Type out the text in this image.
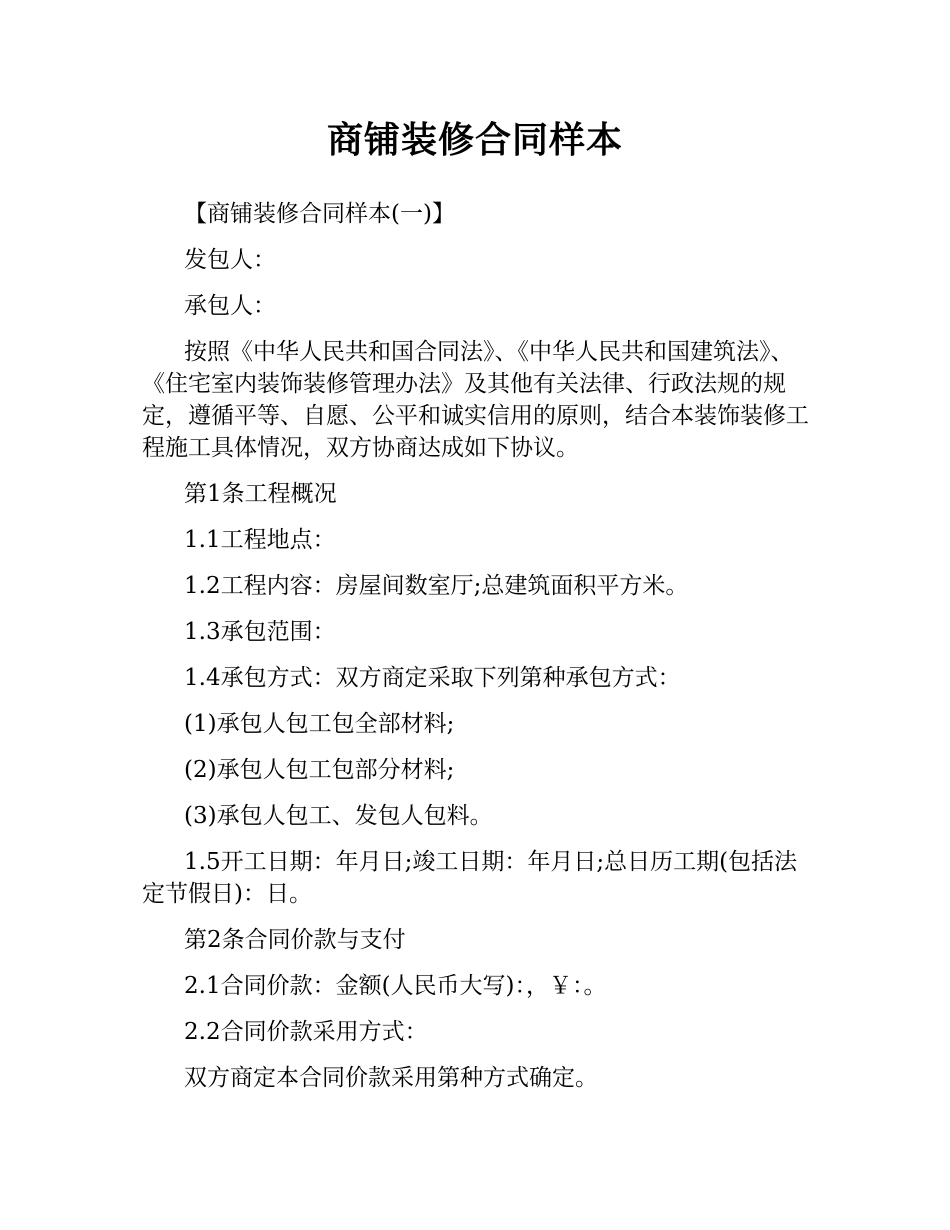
商铺装修合同样本

【商铺装修合同样本(一)】

发包人：

承包人：

按照《中华人民共和国合同法》、《中华人民共和国建筑法》、《住宅室内装饰装修管理办法》及其他有关法律、行政法规的规定，遵循平等、自愿、公平和诚实信用的原则，结合本装饰装修工程施工具体情况，双方协商达成如下协议。

第1条工程概况

1.1工程地点：

1.2工程内容：房屋间数室厅;总建筑面积平方米。

1.3承包范围：

1.4承包方式：双方商定采取下列第种承包方式：

(1)承包人包工包全部材料;

(2)承包人包工包部分材料;

(3)承包人包工、发包人包料。

1.5开工日期：年月日;竣工日期：年月日;总日历工期(包括法定节假日)：日。

第2条合同价款与支付

2.1合同价款：金额(人民币大写)：，￥：。

2.2合同价款采用方式：

双方商定本合同价款采用第种方式确定。
